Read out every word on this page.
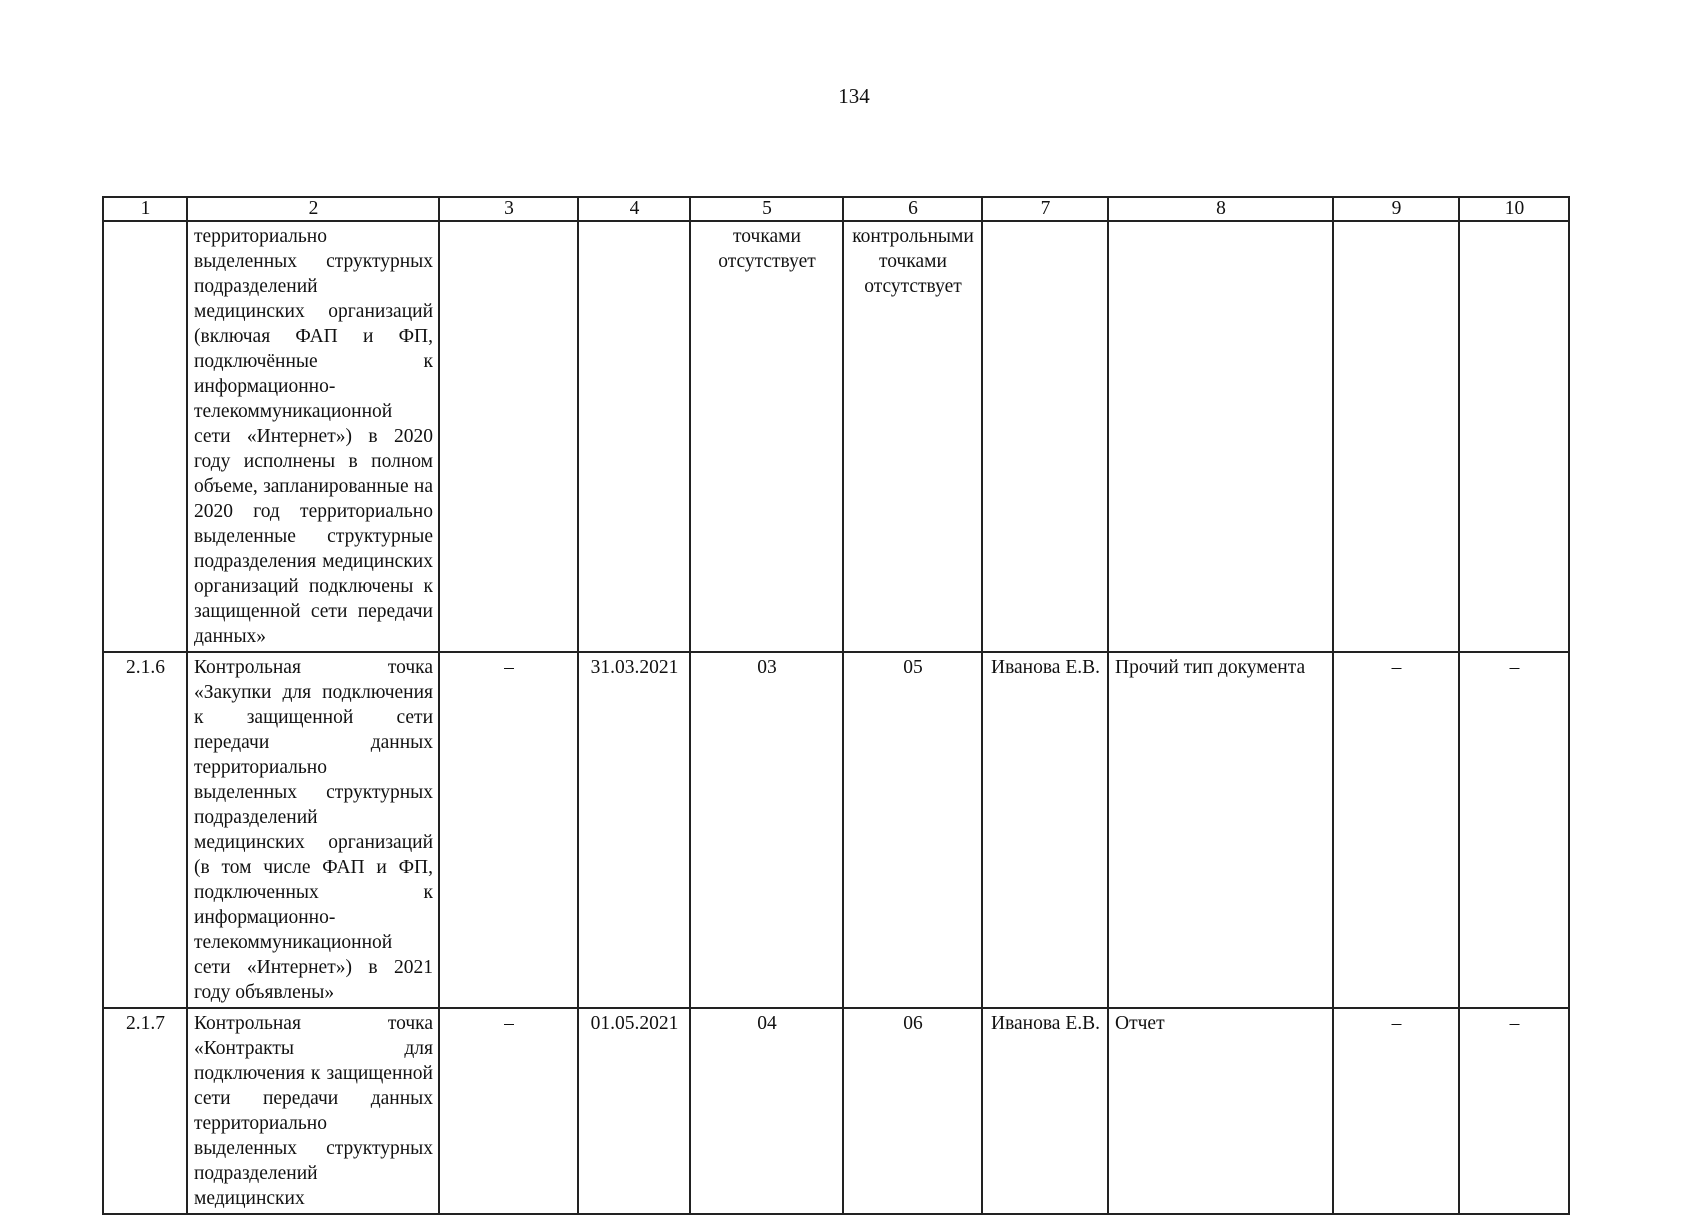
134
1	2	3	4	5	6	7	8	9	10
	территориально выделенных структурных подразделений медицинских организаций (включая ФАП и ФП, подключённые к информационно-телекоммуникационной сети «Интернет») в 2020 году исполнены в полном объеме, запланированные на 2020 год территориально выделенные структурные подразделения медицинских организаций подключены к защищенной сети передачи данных»			точками отсутствует	контрольными точками отсутствует				
2.1.6	Контрольная точка «Закупки для подключения к защищенной сети передачи данных территориально выделенных структурных подразделений медицинских организаций (в том числе ФАП и ФП, подключенных к информационно-телекоммуникационной сети «Интернет») в 2021 году объявлены»	–	31.03.2021	03	05	Иванова Е.В.	Прочий тип документа	–	–
2.1.7	Контрольная точка «Контракты для подключения к защищенной сети передачи данных территориально выделенных структурных подразделений медицинских	–	01.05.2021	04	06	Иванова Е.В.	Отчет	–	–
